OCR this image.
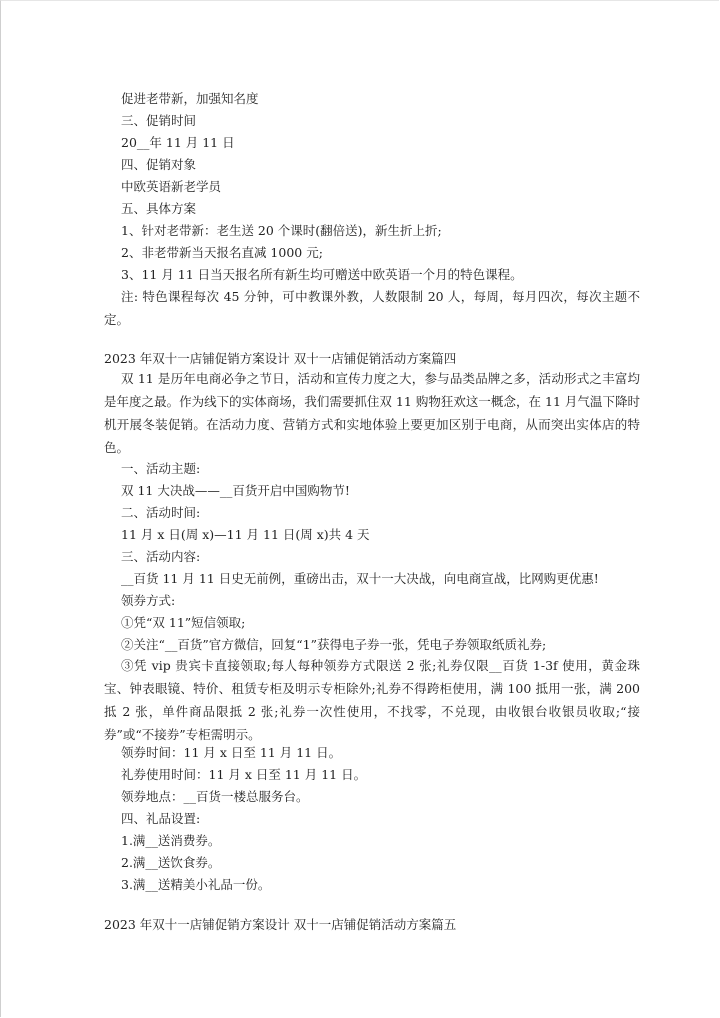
促进老带新，加强知名度
三、促销时间
20__年 11 月 11 日
四、促销对象
中欧英语新老学员
五、具体方案
1、针对老带新：老生送 20 个课时(翻倍送)，新生折上折;
2、非老带新当天报名直减 1000 元;
3、11 月 11 日当天报名所有新生均可赠送中欧英语一个月的特色课程。
注: 特色课程每次 45 分钟，可中教课外教，人数限制 20 人，每周，每月四次，每次主题不定。
2023 年双十一店铺促销方案设计 双十一店铺促销活动方案篇四
双 11 是历年电商必争之节日，活动和宣传力度之大，参与品类品牌之多，活动形式之丰富均是年度之最。作为线下的实体商场，我们需要抓住双 11 购物狂欢这一概念，在 11 月气温下降时机开展冬装促销。在活动力度、营销方式和实地体验上要更加区别于电商，从而突出实体店的特色。
一、活动主题:
双 11 大决战——__百货开启中国购物节!
二、活动时间:
11 月 x 日(周 x)—11 月 11 日(周 x)共 4 天
三、活动内容:
__百货 11 月 11 日史无前例，重磅出击，双十一大决战，向电商宣战，比网购更优惠!
领券方式:
①凭“双 11”短信领取;
②关注“__百货”官方微信，回复“1”获得电子券一张，凭电子券领取纸质礼券;
③凭 vip 贵宾卡直接领取;每人每种领券方式限送 2 张;礼券仅限__百货 1-3f 使用，黄金珠宝、钟表眼镜、特价、租赁专柜及明示专柜除外;礼券不得跨柜使用，满 100 抵用一张，满 200 抵 2 张，单件商品限抵 2 张;礼券一次性使用，不找零，不兑现，由收银台收银员收取;“接券”或“不接券”专柜需明示。
领券时间：11 月 x 日至 11 月 11 日。
礼券使用时间：11 月 x 日至 11 月 11 日。
领券地点：__百货一楼总服务台。
四、礼品设置:
1.满__送消费券。
2.满__送饮食券。
3.满__送精美小礼品一份。
2023 年双十一店铺促销方案设计 双十一店铺促销活动方案篇五
